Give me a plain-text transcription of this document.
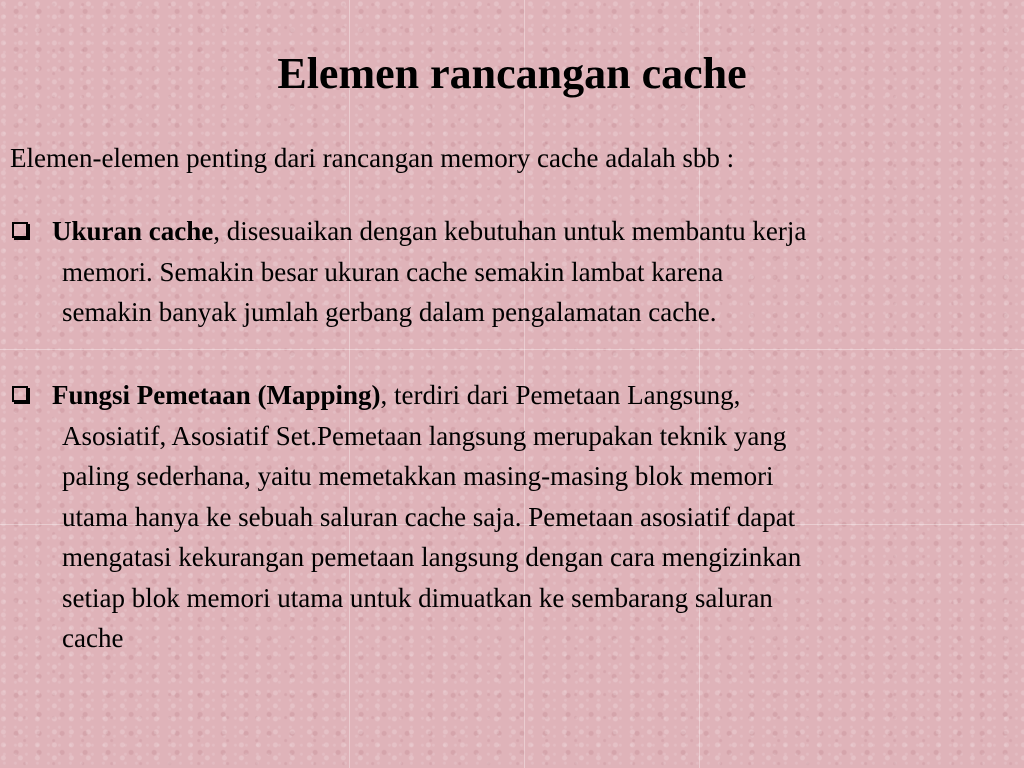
Elemen rancangan cache

Elemen-elemen penting dari rancangan memory cache adalah sbb :

Ukuran cache, disesuaikan dengan kebutuhan untuk membantu kerja
memori. Semakin besar ukuran cache semakin lambat karena
semakin banyak jumlah gerbang dalam pengalamatan cache.
Fungsi Pemetaan (Mapping), terdiri dari Pemetaan Langsung,
Asosiatif, Asosiatif Set.Pemetaan langsung merupakan teknik yang
paling sederhana, yaitu memetakkan masing-masing blok memori
utama hanya ke sebuah saluran cache saja. Pemetaan asosiatif dapat
mengatasi kekurangan pemetaan langsung dengan cara mengizinkan
setiap blok memori utama untuk dimuatkan ke sembarang saluran
cache
